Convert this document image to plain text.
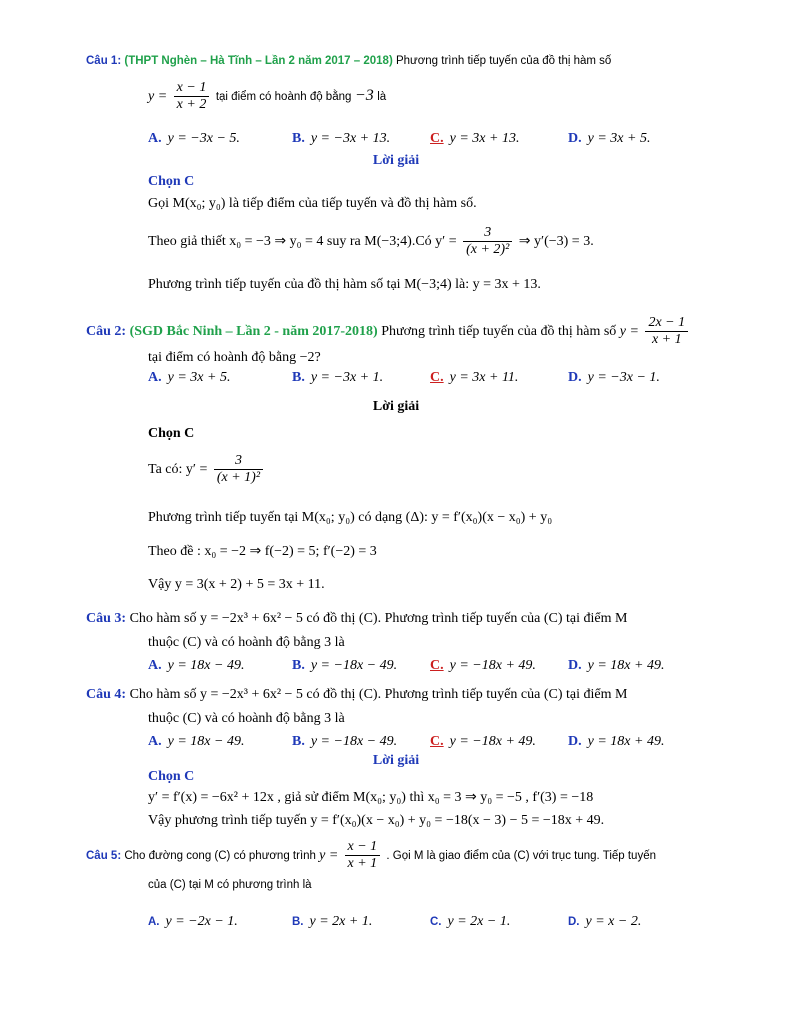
Câu 1: (THPT Nghèn – Hà Tĩnh – Lần 2 năm 2017 – 2018) Phương trình tiếp tuyến của đồ thị hàm số
$y = \frac{x - 1}{x + 2}$ tại điểm có hoành độ bằng −3 là
A. y = −3x − 5.	B. y = −3x + 13.	C. y = 3x + 13.	D. y = 3x + 5.
Lời giải
Chọn C
Gọi M(x₀; y₀) là tiếp điểm của tiếp tuyến và đồ thị hàm số.
Theo giả thiết x₀ = −3 ⇒ y₀ = 4 suy ra M(−3;4).Có $y' = \frac{3}{\text{(x + 2)²}}$ ⇒ y′(−3) = 3.
Phương trình tiếp tuyến của đồ thị hàm số tại M(−3;4) là: y = 3x + 13.
Câu 2: (SGD Bắc Ninh – Lần 2 - năm 2017-2018) Phương trình tiếp tuyến của đồ thị hàm số $y = \frac{2x - 1}{x + 1}$
tại điểm có hoành độ bằng −2?
A. y = 3x + 5.	B. y = −3x + 1.	C. y = 3x + 11.	D. y = −3x − 1.
Lời giải
Chọn C
Ta có: $y' = \frac{3}{\text{(x + 1)²}}$
Phương trình tiếp tuyến tại M(x₀; y₀) có dạng (Δ): y = f′(x₀)(x − x₀) + y₀
Theo đề : x₀ = −2 ⇒ f(−2) = 5; f′(−2) = 3
Vậy y = 3(x + 2) + 5 = 3x + 11.
Câu 3: Cho hàm số y = −2x³ + 6x² − 5 có đồ thị (C). Phương trình tiếp tuyến của (C) tại điểm M
thuộc (C) và có hoành độ bằng 3 là
A. y = 18x − 49.	B. y = −18x − 49. C. y = −18x + 49. D. y = 18x + 49.
Câu 4: Cho hàm số y = −2x³ + 6x² − 5 có đồ thị (C). Phương trình tiếp tuyến của (C) tại điểm M
thuộc (C) và có hoành độ bằng 3 là
A. y = 18x − 49.	B. y = −18x − 49. C. y = −18x + 49. D. y = 18x + 49.
Lời giải
Chọn C
y′ = f′(x) = −6x² + 12x , giả sử điểm M(x₀; y₀) thì x₀ = 3 ⇒ y₀ = −5 , f′(3) = −18
Vậy phương trình tiếp tuyến y = f′(x₀)(x − x₀) + y₀ = −18(x − 3) − 5 = −18x + 49.
Câu 5: Cho đường cong (C) có phương trình $y = \frac{x - 1}{x + 1}$ . Gọi M là giao điểm của (C) với trục tung. Tiếp tuyến
của (C) tại M có phương trình là
A. y = −2x − 1.	B. y = 2x + 1.	C. y = 2x − 1.	D. y = x − 2.
